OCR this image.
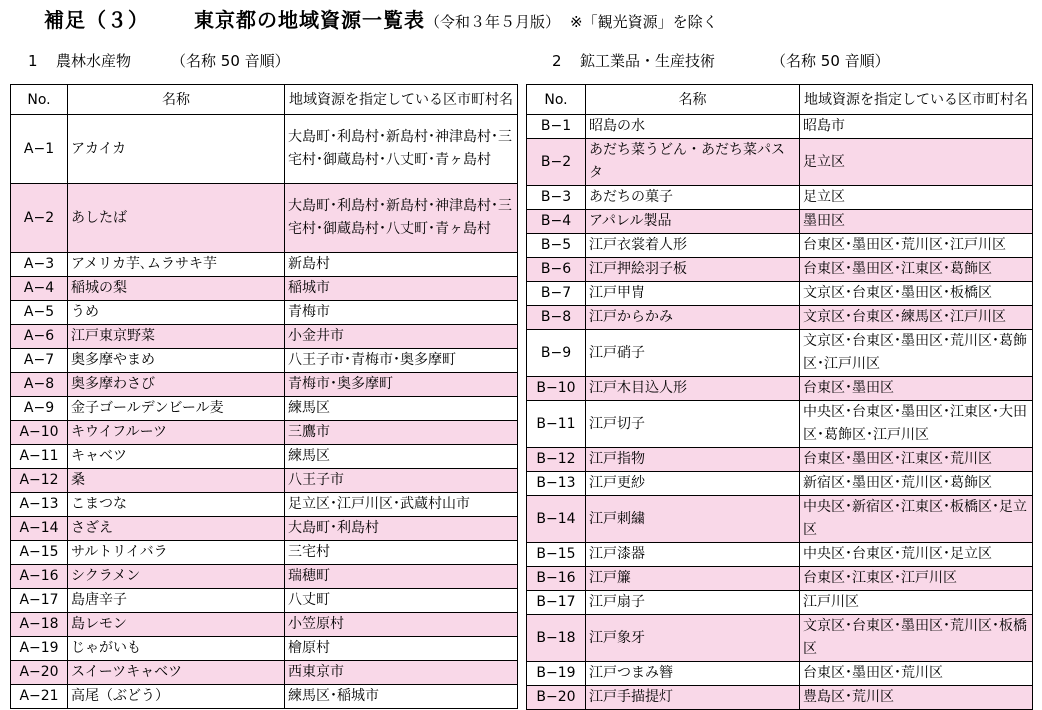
補足（３） 東京都の地域資源一覧表（令和３年５月版） ※「観光資源」を除く
1 農林水産物	（名称 50 音順）	2 鉱工業品・生産技術	（名称 50 音順）
No.	名称	地域資源を指定している区市町村名
A−1	アカイカ	大島町･利島村･新島村･神津島村･三宅村･御蔵島村･八丈町･青ヶ島村
A−2	あしたば	大島町･利島村･新島村･神津島村･三宅村･御蔵島村･八丈町･青ヶ島村
A−3	アメリカ芋､ムラサキ芋	新島村
A−4	稲城の梨	稲城市
A−5	うめ	青梅市
A−6	江戸東京野菜	小金井市
A−7	奥多摩やまめ	八王子市･青梅市･奥多摩町
A−8	奥多摩わさび	青梅市･奥多摩町
A−9	金子ゴールデンビール麦	練馬区
A−10	キウイフルーツ	三鷹市
A−11	キャベツ	練馬区
A−12	桑	八王子市
A−13	こまつな	足立区･江戸川区･武蔵村山市
A−14	さざえ	大島町･利島村
A−15	サルトリイバラ	三宅村
A−16	シクラメン	瑞穂町
A−17	島唐辛子	八丈町
A−18	島レモン	小笠原村
A−19	じゃがいも	檜原村
A−20	スイーツキャベツ	西東京市
A−21	高尾（ぶどう）	練馬区･稲城市
No.	名称	地域資源を指定している区市町村名
B−1	昭島の水	昭島市
B−2	あだち菜うどん・あだち菜パスタ	足立区
B−3	あだちの菓子	足立区
B−4	アパレル製品	墨田区
B−5	江戸衣裳着人形	台東区･墨田区･荒川区･江戸川区
B−6	江戸押絵羽子板	台東区･墨田区･江東区･葛飾区
B−7	江戸甲冑	文京区･台東区･墨田区･板橋区
B−8	江戸からかみ	文京区･台東区･練馬区･江戸川区
B−9	江戸硝子	文京区･台東区･墨田区･荒川区･葛飾区･江戸川区
B−10	江戸木目込人形	台東区･墨田区
B−11	江戸切子	中央区･台東区･墨田区･江東区･大田区･葛飾区･江戸川区
B−12	江戸指物	台東区･墨田区･江東区･荒川区
B−13	江戸更紗	新宿区･墨田区･荒川区･葛飾区
B−14	江戸刺繍	中央区･新宿区･江東区･板橋区･足立区
B−15	江戸漆器	中央区･台東区･荒川区･足立区
B−16	江戸簾	台東区･江東区･江戸川区
B−17	江戸扇子	江戸川区
B−18	江戸象牙	文京区･台東区･墨田区･荒川区･板橋区
B−19	江戸つまみ簪	台東区･墨田区･荒川区
B−20	江戸手描提灯	豊島区･荒川区
